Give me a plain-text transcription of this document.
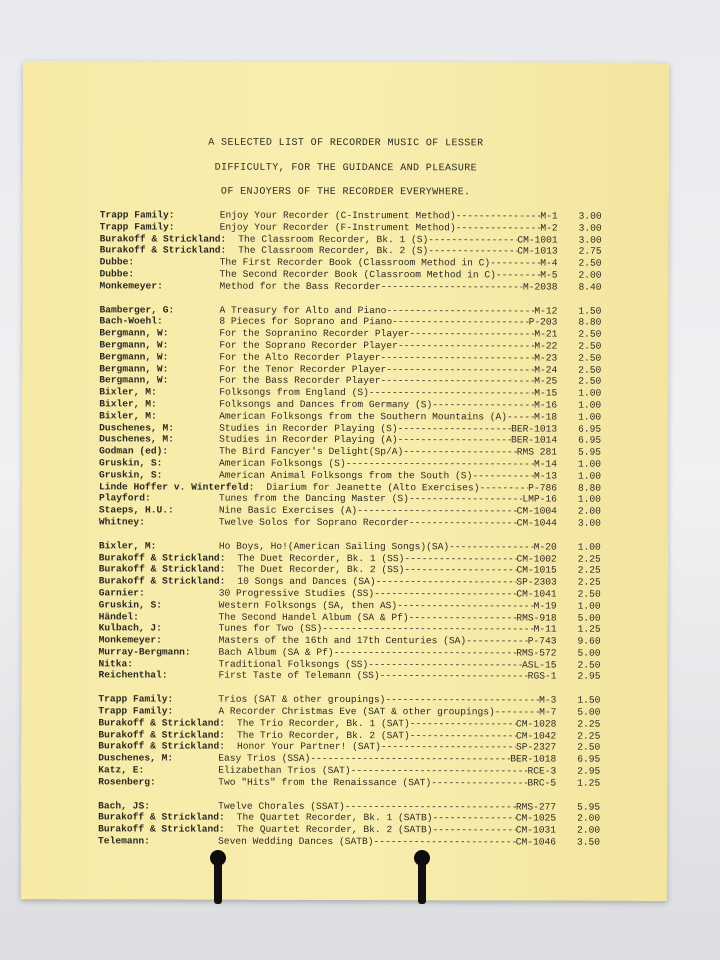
A SELECTED LIST OF RECORDER MUSIC OF LESSER
DIFFICULTY, FOR THE GUIDANCE AND PLEASURE
OF ENJOYERS OF THE RECORDER EVERYWHERE.
Trapp Family:	Enjoy Your Recorder (C-Instrument Method) -----	M-1	3.00
Trapp Family:	Enjoy Your Recorder (F-Instrument Method) -----	M-2	3.00
Burakoff & Strickland:	The Classroom Recorder, Bk. 1 (S) -----	CM-1001	3.00
Burakoff & Strickland:	The Classroom Recorder, Bk. 2 (S) -----	CM-1013	2.75
Dubbe:	The First Recorder Book (Classroom Method in C) -----	M-4	2.50
Dubbe:	The Second Recorder Book (Classroom Method in C) -----	M-5	2.00
Monkemeyer:	Method for the Bass Recorder -----	M-2038	8.40
Bamberger, G:	A Treasury for Alto and Piano -----	M-12	1.50
Bach-Woehl:	8 Pieces for Soprano and Piano -----	P-203	8.80
Bergmann, W:	For the Sopranino Recorder Player -----	M-21	2.50
Bergmann, W:	For the Soprano Recorder Player -----	M-22	2.50
Bergmann, W:	For the Alto Recorder Player -----	M-23	2.50
Bergmann, W:	For the Tenor Recorder Player -----	M-24	2.50
Bergmann, W:	For the Bass Recorder Player -----	M-25	2.50
Bixler, M:	Folksongs from England (S) -----	M-15	1.00
Bixler, M:	Folksongs and Dances from Germany (S) -----	M-16	1.00
Bixler, M:	American Folksongs from the Southern Mountains (A) -----	M-18	1.00
Duschenes, M:	Studies in Recorder Playing (S) -----	BER-1013	6.95
Duschenes, M:	Studies in Recorder Playing (A) -----	BER-1014	6.95
Godman (ed):	The Bird Fancyer's Delight(Sp/A) -----	RMS 281	5.95
Gruskin, S:	American Folksongs (S) -----	M-14	1.00
Gruskin, S:	American Animal Folksongs from the South (S) -----	M-13	1.00
Linde Hoffer v. Winterfeld:	Diarium for Jeanette (Alto Exercises) -----	P-786	8.80
Playford:	Tunes from the Dancing Master (S) -----	LMP-16	1.00
Staeps, H.U.:	Nine Basic Exercises (A) -----	CM-1004	2.00
Whitney:	Twelve Solos for Soprano Recorder -----	CM-1044	3.00
Bixler, M:	Ho Boys, Ho!(American Sailing Songs)(SA) -----	M-20	1.00
Burakoff & Strickland:	The Duet Recorder, Bk. 1 (SS) -----	CM-1002	2.25
Burakoff & Strickland:	The Duet Recorder, Bk. 2 (SS) -----	CM-1015	2.25
Burakoff & Strickland:	10 Songs and Dances (SA) -----	SP-2303	2.25
Garnier:	30 Progressive Studies (SS) -----	CM-1041	2.50
Gruskin, S:	Western Folksongs (SA, then AS) -----	M-19	1.00
Händel:	The Second Handel Album (SA & Pf) -----	RMS-918	5.00
Kulbach, J:	Tunes for Two (SS) -----	M-11	1.25
Monkemeyer:	Masters of the 16th and 17th Centuries (SA) -----	P-743	9.60
Murray-Bergmann:	Bach Album (SA & Pf) -----	RMS-572	5.00
Nitka:	Traditional Folksongs (SS) -----	ASL-15	2.50
Reichenthal:	First Taste of Telemann (SS) -----	RGS-1	2.95
Trapp Family:	Trios (SAT & other groupings) -----	M-3	1.50
Trapp Family:	A Recorder Christmas Eve (SAT & other groupings) -----	M-7	5.00
Burakoff & Strickland:	The Trio Recorder, Bk. 1 (SAT) -----	CM-1028	2.25
Burakoff & Strickland:	The Trio Recorder, Bk. 2 (SAT) -----	CM-1042	2.25
Burakoff & Strickland:	Honor Your Partner! (SAT) -----	SP-2327	2.50
Duschenes, M:	Easy Trios (SSA) -----	BER-1018	6.95
Katz, E:	Elizabethan Trios (SAT) -----	RCE-3	2.95
Rosenberg:	Two "Hits" from the Renaissance (SAT) -----	BRC-5	1.25
Bach, JS:	Twelve Chorales (SSAT) -----	RMS-277	5.95
Burakoff & Strickland:	The Quartet Recorder, Bk. 1 (SATB) -----	CM-1025	2.00
Burakoff & Strickland:	The Quartet Recorder, Bk. 2 (SATB) -----	CM-1031	2.00
Telemann:	Seven Wedding Dances (SATB) -----	CM-1046	3.50
